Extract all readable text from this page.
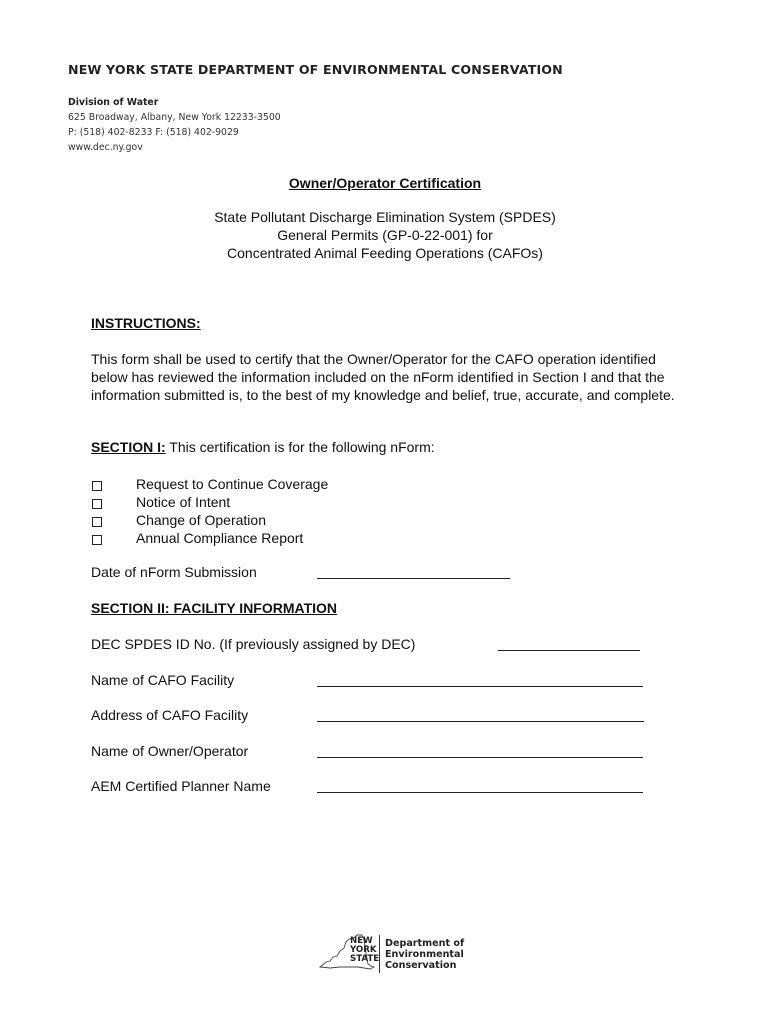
NEW YORK STATE DEPARTMENT OF ENVIRONMENTAL CONSERVATION
Division of Water
625 Broadway, Albany, New York 12233-3500
P: (518) 402-8233 F: (518) 402-9029
www.dec.ny.gov
Owner/Operator Certification
State Pollutant Discharge Elimination System (SPDES)
General Permits (GP-0-22-001) for
Concentrated Animal Feeding Operations (CAFOs)
INSTRUCTIONS:
This form shall be used to certify that the Owner/Operator for the CAFO operation identified below has reviewed the information included on the nForm identified in Section I and that the information submitted is, to the best of my knowledge and belief, true, accurate, and complete.
SECTION I: This certification is for the following nForm:
Request to Continue Coverage
Notice of Intent
Change of Operation
Annual Compliance Report
Date of nForm Submission
SECTION II: FACILITY INFORMATION
DEC SPDES ID No. (If previously assigned by DEC)
Name of CAFO Facility
Address of CAFO Facility
Name of Owner/Operator
AEM Certified Planner Name
NEW
YORK
STATE
Department of
Environmental
Conservation
